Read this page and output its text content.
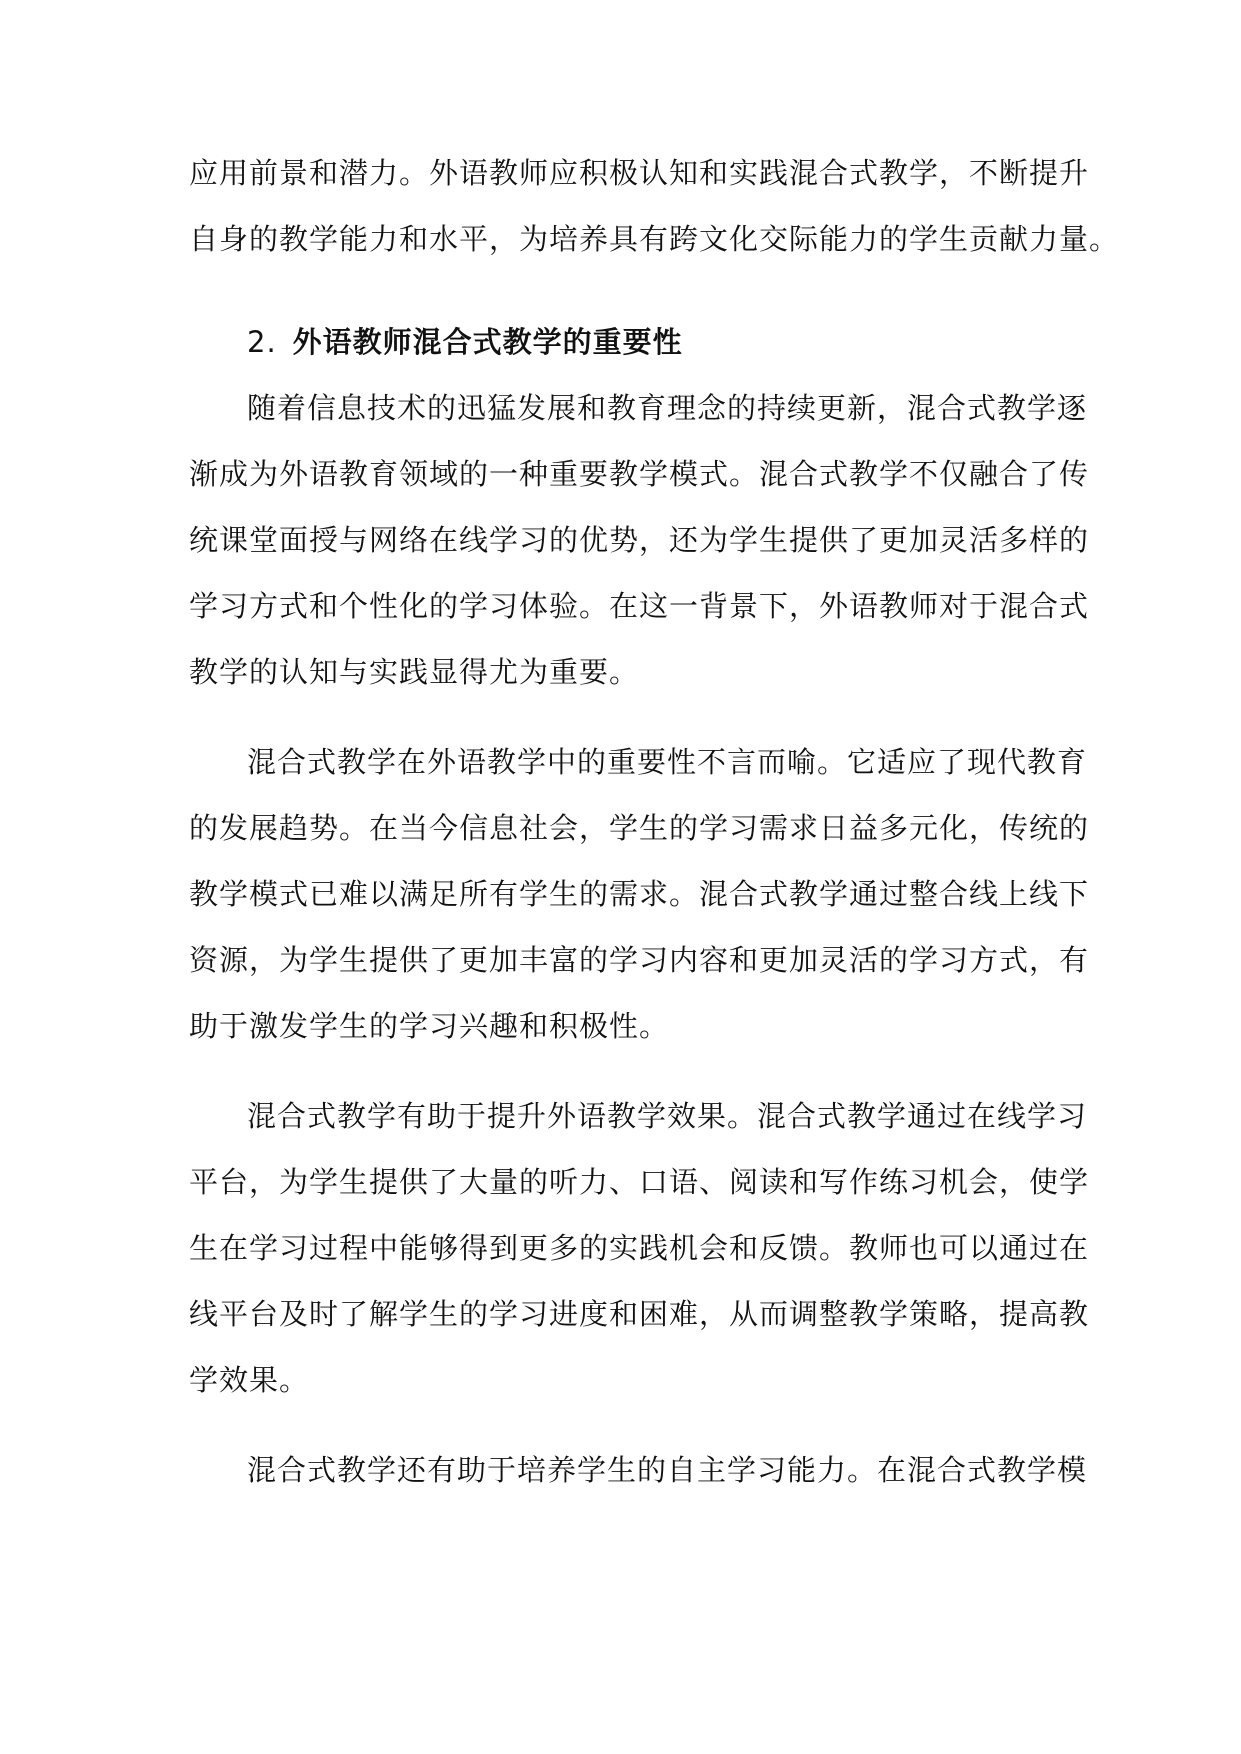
应用前景和潜力。外语教师应积极认知和实践混合式教学，不断提升
自身的教学能力和水平，为培养具有跨文化交际能力的学生贡献力量。
2. 外语教师混合式教学的重要性
随着信息技术的迅猛发展和教育理念的持续更新，混合式教学逐
渐成为外语教育领域的一种重要教学模式。混合式教学不仅融合了传
统课堂面授与网络在线学习的优势，还为学生提供了更加灵活多样的
学习方式和个性化的学习体验。在这一背景下，外语教师对于混合式
教学的认知与实践显得尤为重要。
混合式教学在外语教学中的重要性不言而喻。它适应了现代教育
的发展趋势。在当今信息社会，学生的学习需求日益多元化，传统的
教学模式已难以满足所有学生的需求。混合式教学通过整合线上线下
资源，为学生提供了更加丰富的学习内容和更加灵活的学习方式，有
助于激发学生的学习兴趣和积极性。
混合式教学有助于提升外语教学效果。混合式教学通过在线学习
平台，为学生提供了大量的听力、口语、阅读和写作练习机会，使学
生在学习过程中能够得到更多的实践机会和反馈。教师也可以通过在
线平台及时了解学生的学习进度和困难，从而调整教学策略，提高教
学效果。
混合式教学还有助于培养学生的自主学习能力。在混合式教学模
